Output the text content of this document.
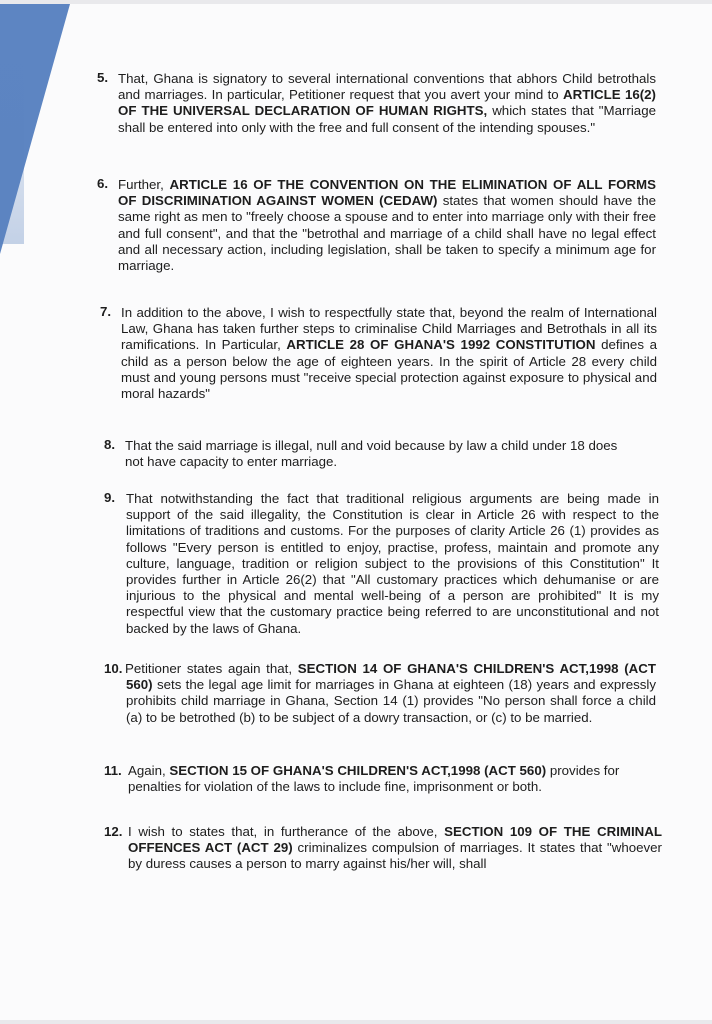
5. That, Ghana is signatory to several international conventions that abhors Child betrothals and marriages. In particular, Petitioner request that you avert your mind to ARTICLE 16(2) OF THE UNIVERSAL DECLARATION OF HUMAN RIGHTS, which states that "Marriage shall be entered into only with the free and full consent of the intending spouses."
6. Further, ARTICLE 16 OF THE CONVENTION ON THE ELIMINATION OF ALL FORMS OF DISCRIMINATION AGAINST WOMEN (CEDAW) states that women should have the same right as men to "freely choose a spouse and to enter into marriage only with their free and full consent", and that the "betrothal and marriage of a child shall have no legal effect and all necessary action, including legislation, shall be taken to specify a minimum age for marriage.
7. In addition to the above, I wish to respectfully state that, beyond the realm of International Law, Ghana has taken further steps to criminalise Child Marriages and Betrothals in all its ramifications. In Particular, ARTICLE 28 OF GHANA'S 1992 CONSTITUTION defines a child as a person below the age of eighteen years. In the spirit of Article 28 every child must and young persons must "receive special protection against exposure to physical and moral hazards"
8. That the said marriage is illegal, null and void because by law a child under 18 does not have capacity to enter marriage.
9. That notwithstanding the fact that traditional religious arguments are being made in support of the said illegality, the Constitution is clear in Article 26 with respect to the limitations of traditions and customs. For the purposes of clarity Article 26 (1) provides as follows "Every person is entitled to enjoy, practise, profess, maintain and promote any culture, language, tradition or religion subject to the provisions of this Constitution" It provides further in Article 26(2) that "All customary practices which dehumanise or are injurious to the physical and mental well-being of a person are prohibited" It is my respectful view that the customary practice being referred to are unconstitutional and not backed by the laws of Ghana.
10. Petitioner states again that, SECTION 14 OF GHANA'S CHILDREN'S ACT,1998 (ACT 560) sets the legal age limit for marriages in Ghana at eighteen (18) years and expressly prohibits child marriage in Ghana, Section 14 (1) provides "No person shall force a child (a) to be betrothed (b) to be subject of a dowry transaction, or (c) to be married.
11. Again, SECTION 15 OF GHANA'S CHILDREN'S ACT,1998 (ACT 560) provides for penalties for violation of the laws to include fine, imprisonment or both.
12. I wish to states that, in furtherance of the above, SECTION 109 OF THE CRIMINAL OFFENCES ACT (ACT 29) criminalizes compulsion of marriages. It states that "whoever by duress causes a person to marry against his/her will, shall
